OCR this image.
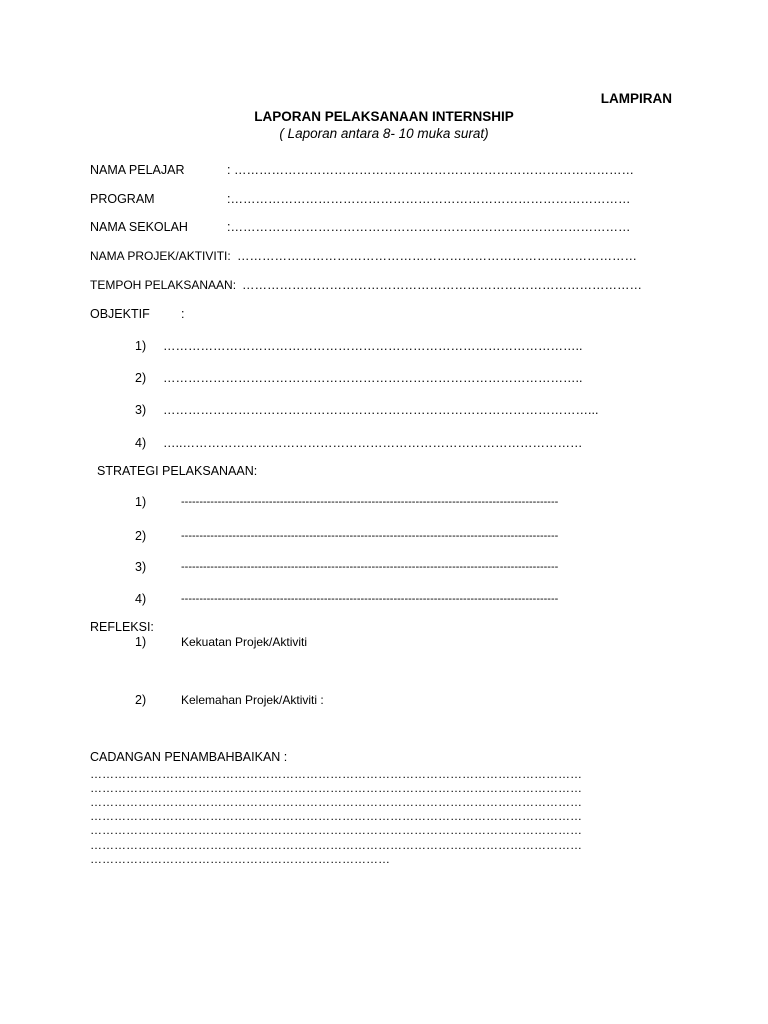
LAMPIRAN
LAPORAN PELAKSANAAN INTERNSHIP
( Laporan antara 8- 10 muka surat)
NAMA PELAJAR	: ……………………………………………………………………………………
PROGRAM	:……………………………………………………………………………………
NAMA SEKOLAH	:……………………………………………………………………………………
NAMA PROJEK/AKTIVITI: ……………………………………………………………………………………
TEMPOH PELAKSANAAN: ……………………………………………………………………………………
OBJEKTIF	:
1) ………………………………………………………………………………………..
2) ………………………………………………………………………………………..
3) …………………………………………………………………………………………...
4) …..……………………………………………………………………………………
STRATEGI PELAKSANAAN:
1)	-------------------------------------------------------------------------------------------------------
2)	-------------------------------------------------------------------------------------------------------
3)	-------------------------------------------------------------------------------------------------------
4)	-------------------------------------------------------------------------------------------------------
REFLEKSI:
1)	Kekuatan Projek/Aktiviti
2)	Kelemahan Projek/Aktiviti :
CADANGAN PENAMBAHBAIKAN :
……………………………………………………………………………………………………………
……………………………………………………………………………………………………………
……………………………………………………………………………………………………………
……………………………………………………………………………………………………………
……………………………………………………………………………………………………………
……………………………………………………………………………………………………………
…………………………………………………………………
